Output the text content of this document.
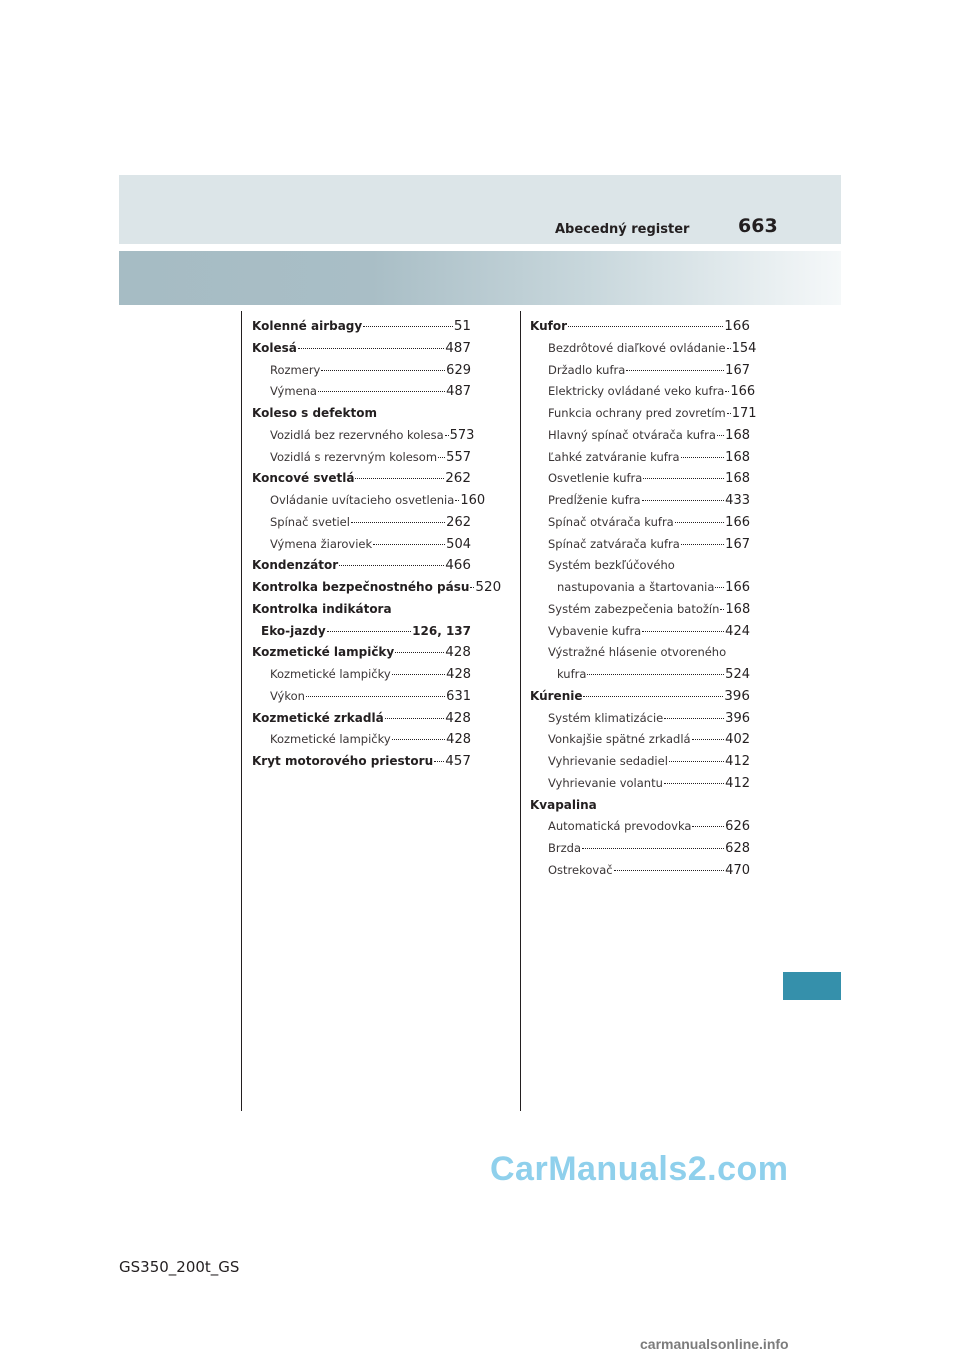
Abecedný register	663
Kolenné airbagy	51
Kolesá	487
Rozmery	629
Výmena	487
Koleso s defektom
Vozidlá bez rezervného kolesa 573
Vozidlá s rezervným kolesom 557
Koncové svetlá	262
Ovládanie uvítacieho osvetlenia 160
Spínač svetiel	262
Výmena žiaroviek	504
Kondenzátor	466
Kontrolka bezpečnostného pásu 520
Kontrolka indikátora
Eko-jazdy	126, 137
Kozmetické lampičky	428
Kozmetické lampičky	428
Výkon	631
Kozmetické zrkadlá	428
Kozmetické lampičky	428
Kryt motorového priestoru 457
Kufor	166
Bezdrôtové diaľkové ovládanie 154
Držadlo kufra	167
Elektricky ovládané veko kufra 166
Funkcia ochrany pred zovretím 171
Hlavný spínač otvárača kufra 168
Ľahké zatváranie kufra	168
Osvetlenie kufra	168
Predĺženie kufra	433
Spínač otvárača kufra	166
Spínač zatvárača kufra	167
Systém bezkľúčového
nastupovania a štartovania 166
Systém zabezpečenia batožín 168
Vybavenie kufra	424
Výstražné hlásenie otvoreného
kufra	524
Kúrenie	396
Systém klimatizácie	396
Vonkajšie spätné zrkadlá	402
Vyhrievanie sedadiel	412
Vyhrievanie volantu	412
Kvapalina
Automatická prevodovka	626
Brzda	628
Ostrekovač	470
CarManuals2.com
GS350_200t_GS
carmanualsonline.info
